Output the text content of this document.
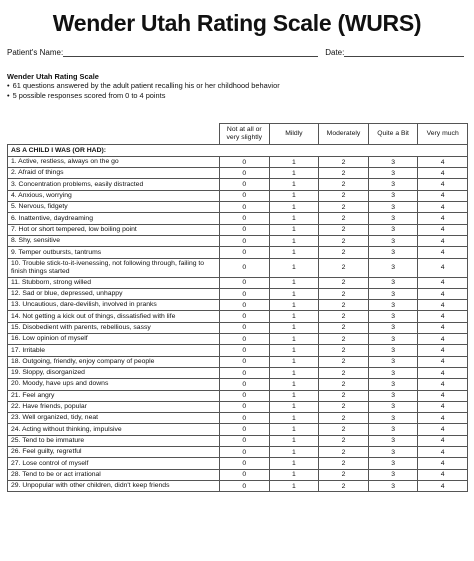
Wender Utah Rating Scale (WURS)
Patient's Name:	Date:
Wender Utah Rating Scale
• 61 questions answered by the adult patient recalling his or her childhood behavior
• 5 possible responses scored from 0 to 4 points
	Not at all or very slightly	Mildly	Moderately	Quite a Bit	Very much
AS A CHILD I WAS (OR HAD):					
1. Active, restless, always on the go	0	1	2	3	4
2. Afraid of things	0	1	2	3	4
3. Concentration problems, easily distracted	0	1	2	3	4
4. Anxious, worrying	0	1	2	3	4
5. Nervous, fidgety	0	1	2	3	4
6. Inattentive, daydreaming	0	1	2	3	4
7. Hot or short tempered, low boiling point	0	1	2	3	4
8. Shy, sensitive	0	1	2	3	4
9. Temper outbursts, tantrums	0	1	2	3	4
10. Trouble stick-to-it-ivenessing, not following through, failing to finish things started	0	1	2	3	4
11. Stubborn, strong willed	0	1	2	3	4
12. Sad or blue, depressed, unhappy	0	1	2	3	4
13. Uncautious, dare-devilish, involved in pranks	0	1	2	3	4
14. Not getting a kick out of things, dissatisfied with life	0	1	2	3	4
15. Disobedient with parents, rebellious, sassy	0	1	2	3	4
16. Low opinion of myself	0	1	2	3	4
17. Irritable	0	1	2	3	4
18. Outgoing, friendly, enjoy company of people	0	1	2	3	4
19. Sloppy, disorganized	0	1	2	3	4
20. Moody, have ups and downs	0	1	2	3	4
21. Feel angry	0	1	2	3	4
22. Have friends, popular	0	1	2	3	4
23. Well organized, tidy, neat	0	1	2	3	4
24. Acting without thinking, impulsive	0	1	2	3	4
25. Tend to be immature	0	1	2	3	4
26. Feel guilty, regretful	0	1	2	3	4
27. Lose control of myself	0	1	2	3	4
28. Tend to be or act irrational	0	1	2	3	4
29. Unpopular with other children, didn't keep friends	0	1	2	3	4
